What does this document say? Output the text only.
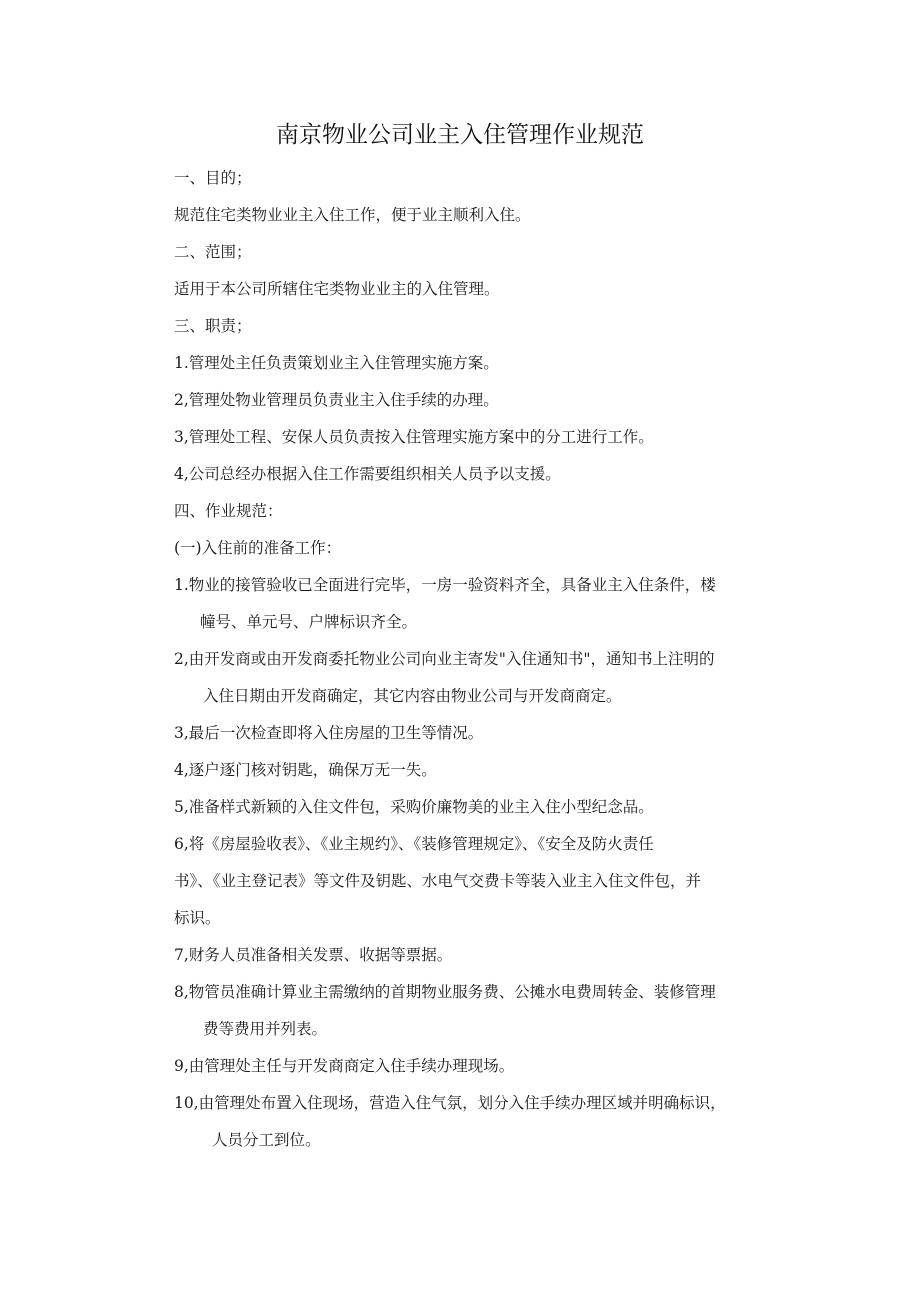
南京物业公司业主入住管理作业规范

一、目的；

规范住宅类物业业主入住工作，便于业主顺利入住。

二、范围；

适用于本公司所辖住宅类物业业主的入住管理。

三、职责；

1.管理处主任负责策划业主入住管理实施方案。

2,管理处物业管理员负责业主入住手续的办理。

3,管理处工程、安保人员负责按入住管理实施方案中的分工进行工作。

4,公司总经办根据入住工作需要组织相关人员予以支援。

四、作业规范：

(一)入住前的准备工作：

1.物业的接管验收已全面进行完毕，一房一验资料齐全，具备业主入住条件，楼

幢号、单元号、户牌标识齐全。

2,由开发商或由开发商委托物业公司向业主寄发"入住通知书"，通知书上注明的

入住日期由开发商确定，其它内容由物业公司与开发商商定。

3,最后一次检查即将入住房屋的卫生等情况。

4,逐户逐门核对钥匙，确保万无一失。

5,准备样式新颖的入住文件包，采购价廉物美的业主入住小型纪念品。

6,将《房屋验收表》、《业主规约》、《装修管理规定》、《安全及防火责任

书》、《业主登记表》等文件及钥匙、水电气交费卡等装入业主入住文件包，并

标识。

7,财务人员准备相关发票、收据等票据。

8,物管员准确计算业主需缴纳的首期物业服务费、公摊水电费周转金、装修管理

费等费用并列表。

9,由管理处主任与开发商商定入住手续办理现场。

10,由管理处布置入住现场，营造入住气氛，划分入住手续办理区域并明确标识，

人员分工到位。
